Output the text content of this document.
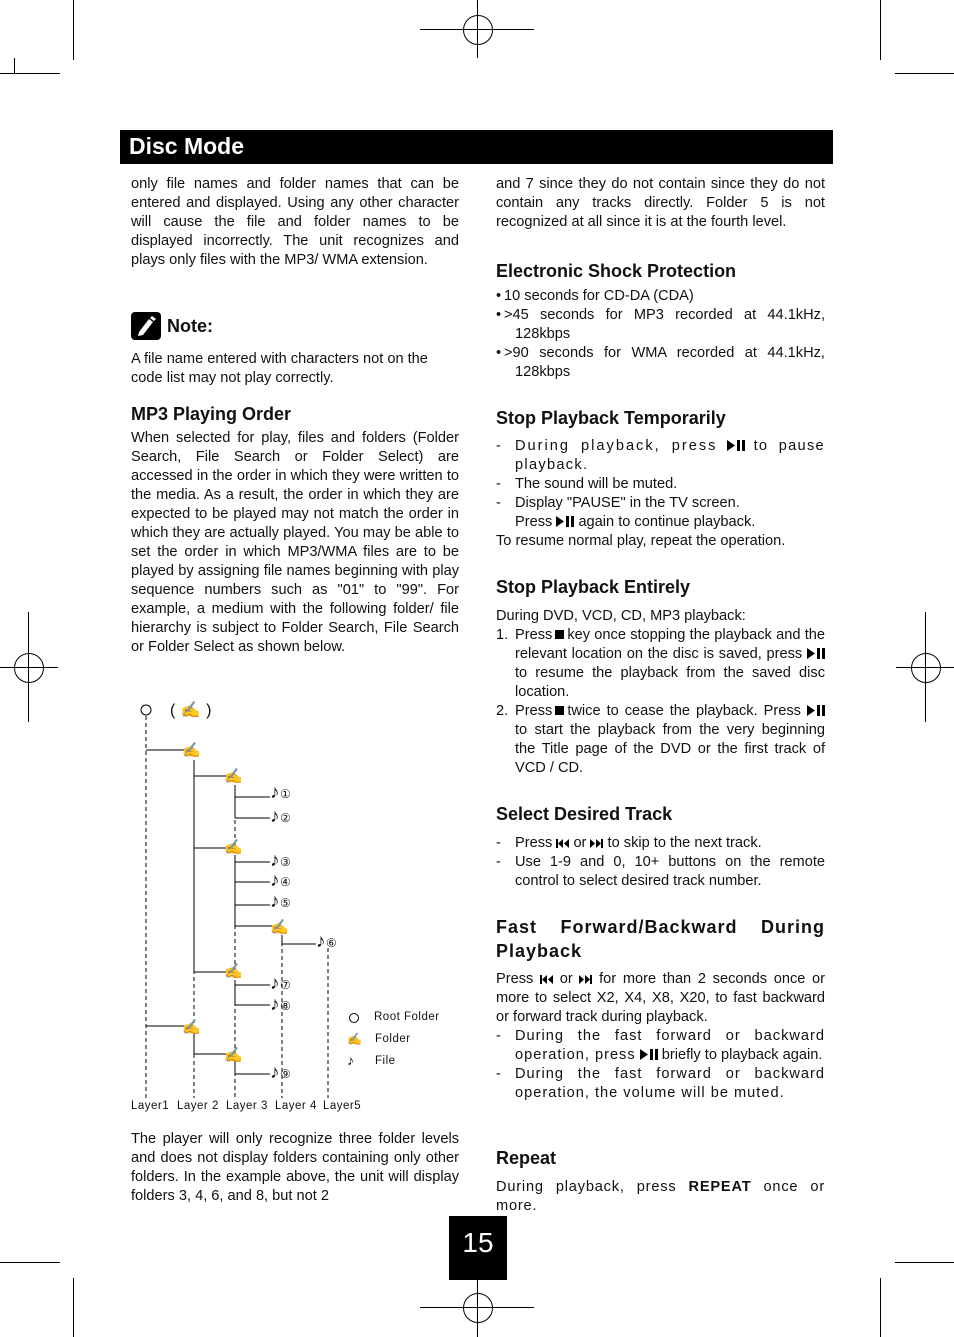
Disc Mode

only file names and folder names that can be entered and displayed. Using any other character will cause the file and folder names to be displayed incorrectly. The unit recognizes and plays only files with the MP3/ WMA extension.

Note:

A file name entered with characters not on the code list may not play correctly.

MP3 Playing Order

When selected for play, files and folders (Folder Search, File Search or Folder Select) are accessed in the order in which they were written to the media. As a result, the order in which they are expected to be played may not match the order in which they are actually played. You may be able to set the order in which MP3/WMA files are to be played by assigning file names beginning with play sequence numbers such as "01" to "99". For example, a medium with the following folder/ file hierarchy is subject to Folder Search, File Search or Folder Select as shown below.

( ✍ )
✍
✍
✍
✍
✍
✍
✍
♪①
♪②
♪③
♪④
♪⑤
♪⑥
♪⑦
♪⑧
♪⑨
Root Folder
✍ Folder
♪ File
Layer1 Layer 2 Layer 3 Layer 4 Layer5

The player will only recognize three folder levels and does not display folders containing only other folders. In the example above, the unit will display folders 3, 4, 6, and 8, but not 2

and 7 since they do not contain since they do not contain any tracks directly. Folder 5 is not recognized at all since it is at the fourth level.

Electronic Shock Protection
• 10 seconds for CD-DA (CDA)
• >45 seconds for MP3 recorded at 44.1kHz, 128kbps
• >90 seconds for WMA recorded at 44.1kHz, 128kbps
Stop Playback Temporarily
- During playback, press to pause playback.
- The sound will be muted.
- Display "PAUSE" in the TV screen.
Press again to continue playback.

To resume normal play, repeat the operation.

Stop Playback Entirely

During DVD, VCD, CD, MP3 playback:

1. Press key once stopping the playback and the relevant location on the disc is saved, press  to resume the playback from the saved disc location.
2. Press twice to cease the playback. Press  to start the playback from the very beginning the Title page of the DVD or the first track of VCD / CD.
Select Desired Track
- Press or to skip to the next track.
- Use 1-9 and 0, 10+ buttons on the remote control to select desired track number.
Fast Forward/Backward During Playback

Press or for more than 2 seconds once or more to select X2, X4, X8, X20, to fast backward or forward track during playback.

- During the fast forward or backward operation, press briefly to playback again.
- During the fast forward or backward operation, the volume will be muted.
Repeat

During playback, press REPEAT once or more.

15
